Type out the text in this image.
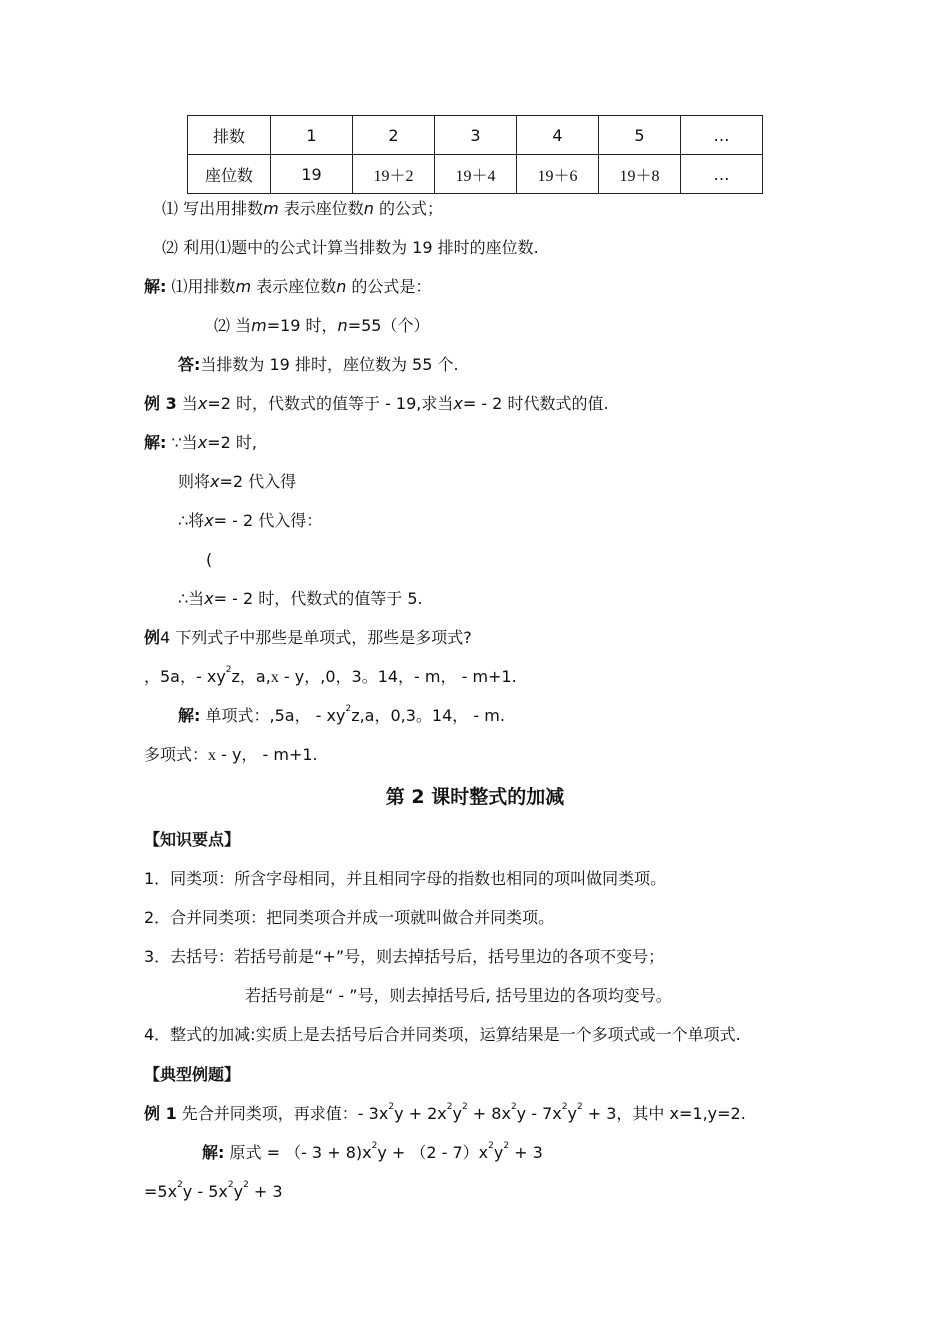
排数	1	2	3	4	5	…
座位数	19	19＋2	19＋4	19＋6	19＋8	…
⑴ 写出用排数m 表示座位数n 的公式；
⑵ 利用⑴题中的公式计算当排数为 19 排时的座位数.
解: ⑴用排数m 表示座位数n 的公式是：
⑵ 当m=19 时，n=55（个）
答:当排数为 19 排时，座位数为 55 个.
例 3 当x=2 时，代数式的值等于 - 19,求当x= - 2 时代数式的值.
解: ∵当x=2 时,
则将x=2 代入得
∴将x= - 2 代入得：
(
∴当x= - 2 时，代数式的值等于 5.
例4 下列式子中那些是单项式，那些是多项式?
，5a，- $xy^2z$，a,x - y，,0，3。14，- m， - m+1.
解: 单项式：,5a， - $xy^2z,a$，0,3。14， - m.
多项式：x - y， - m+1.
第 2 课时整式的加减
【知识要点】
1．同类项：所含字母相同，并且相同字母的指数也相同的项叫做同类项。
2．合并同类项：把同类项合并成一项就叫做合并同类项。
3．去括号：若括号前是“+”号，则去掉括号后，括号里边的各项不变号；
若括号前是“ - ”号，则去掉括号后, 括号里边的各项均变号。
4．整式的加减:实质上是去括号后合并同类项，运算结果是一个多项式或一个单项式.
【典型例题】
例 1 先合并同类项，再求值：- $3x^2y + 2x^2y^2 + 8x^2y - 7x^2y^2 + 3$，其中 x=1,y=2.
解: 原式 = （- $3 + 8)x^2y + (2 - 7)x^2y^2 + 3$
$=5x^2y - 5x^2y^2 + 3$
